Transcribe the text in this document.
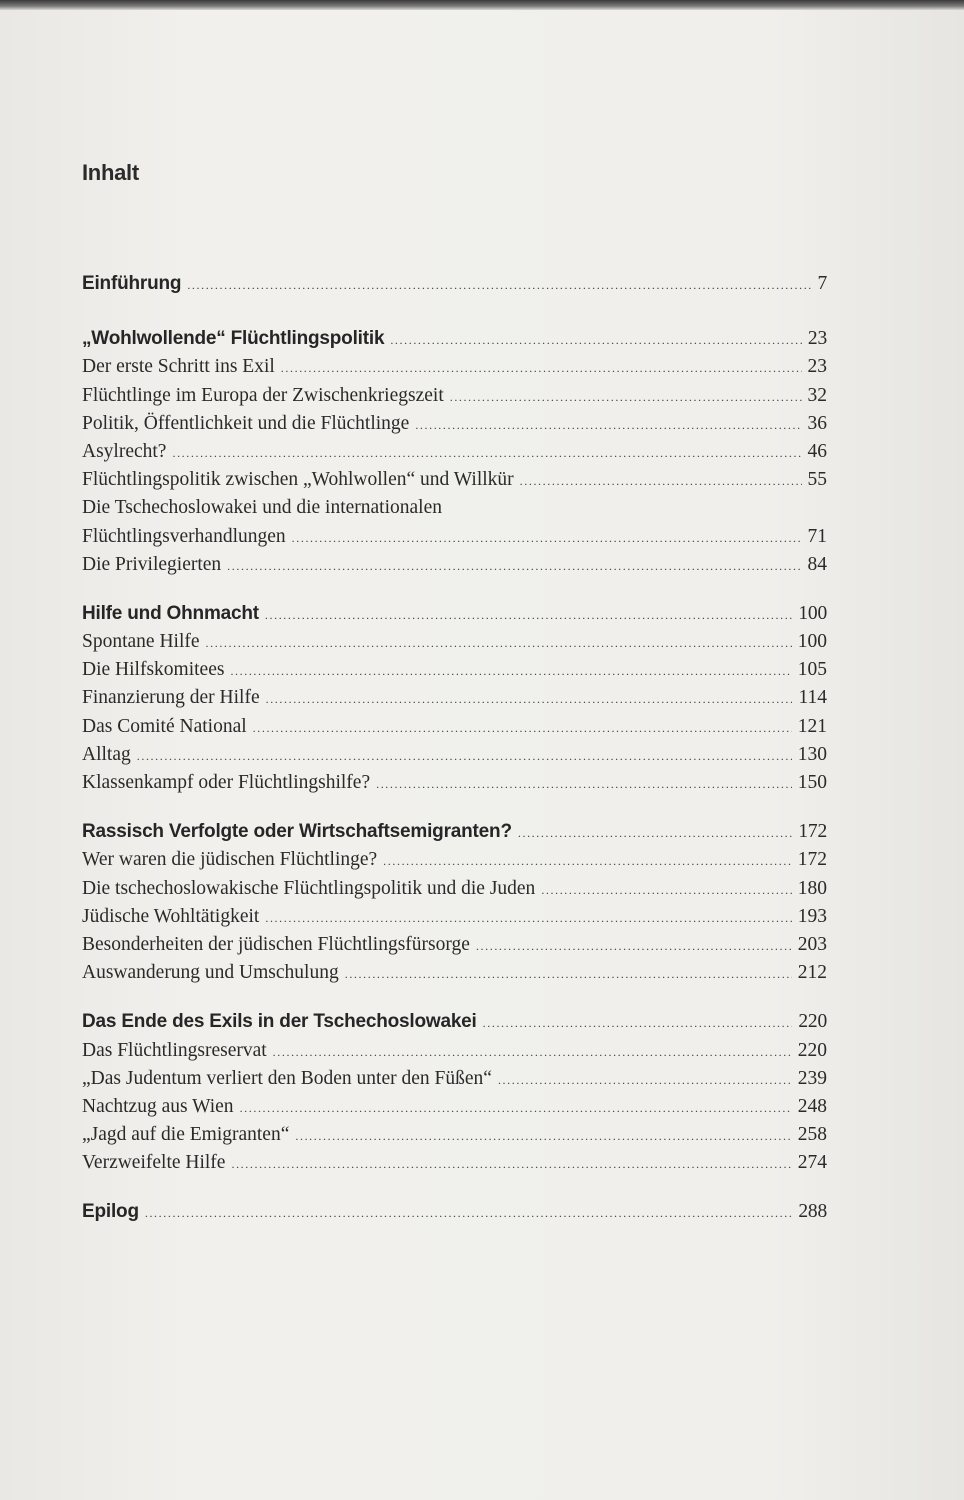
Inhalt
Einführung .....	7
„Wohlwollende“ Flüchtlingspolitik .....	23
Der erste Schritt ins Exil .....	23
Flüchtlinge im Europa der Zwischenkriegszeit .....	32
Politik, Öffentlichkeit und die Flüchtlinge .....	36
Asylrecht? .....	46
Flüchtlingspolitik zwischen „Wohlwollen“ und Willkür .....	55
Die Tschechoslowakei und die internationalen
Flüchtlingsverhandlungen .....	71
Die Privilegierten .....	84
Hilfe und Ohnmacht .....	100
Spontane Hilfe .....	100
Die Hilfskomitees .....	105
Finanzierung der Hilfe .....	114
Das Comité National .....	121
Alltag .....	130
Klassenkampf oder Flüchtlingshilfe? .....	150
Rassisch Verfolgte oder Wirtschaftsemigranten? .....	172
Wer waren die jüdischen Flüchtlinge? .....	172
Die tschechoslowakische Flüchtlingspolitik und die Juden .....	180
Jüdische Wohltätigkeit .....	193
Besonderheiten der jüdischen Flüchtlingsfürsorge .....	203
Auswanderung und Umschulung .....	212
Das Ende des Exils in der Tschechoslowakei .....	220
Das Flüchtlingsreservat .....	220
„Das Judentum verliert den Boden unter den Füßen“ .....	239
Nachtzug aus Wien .....	248
„Jagd auf die Emigranten“ .....	258
Verzweifelte Hilfe .....	274
Epilog .....	288
